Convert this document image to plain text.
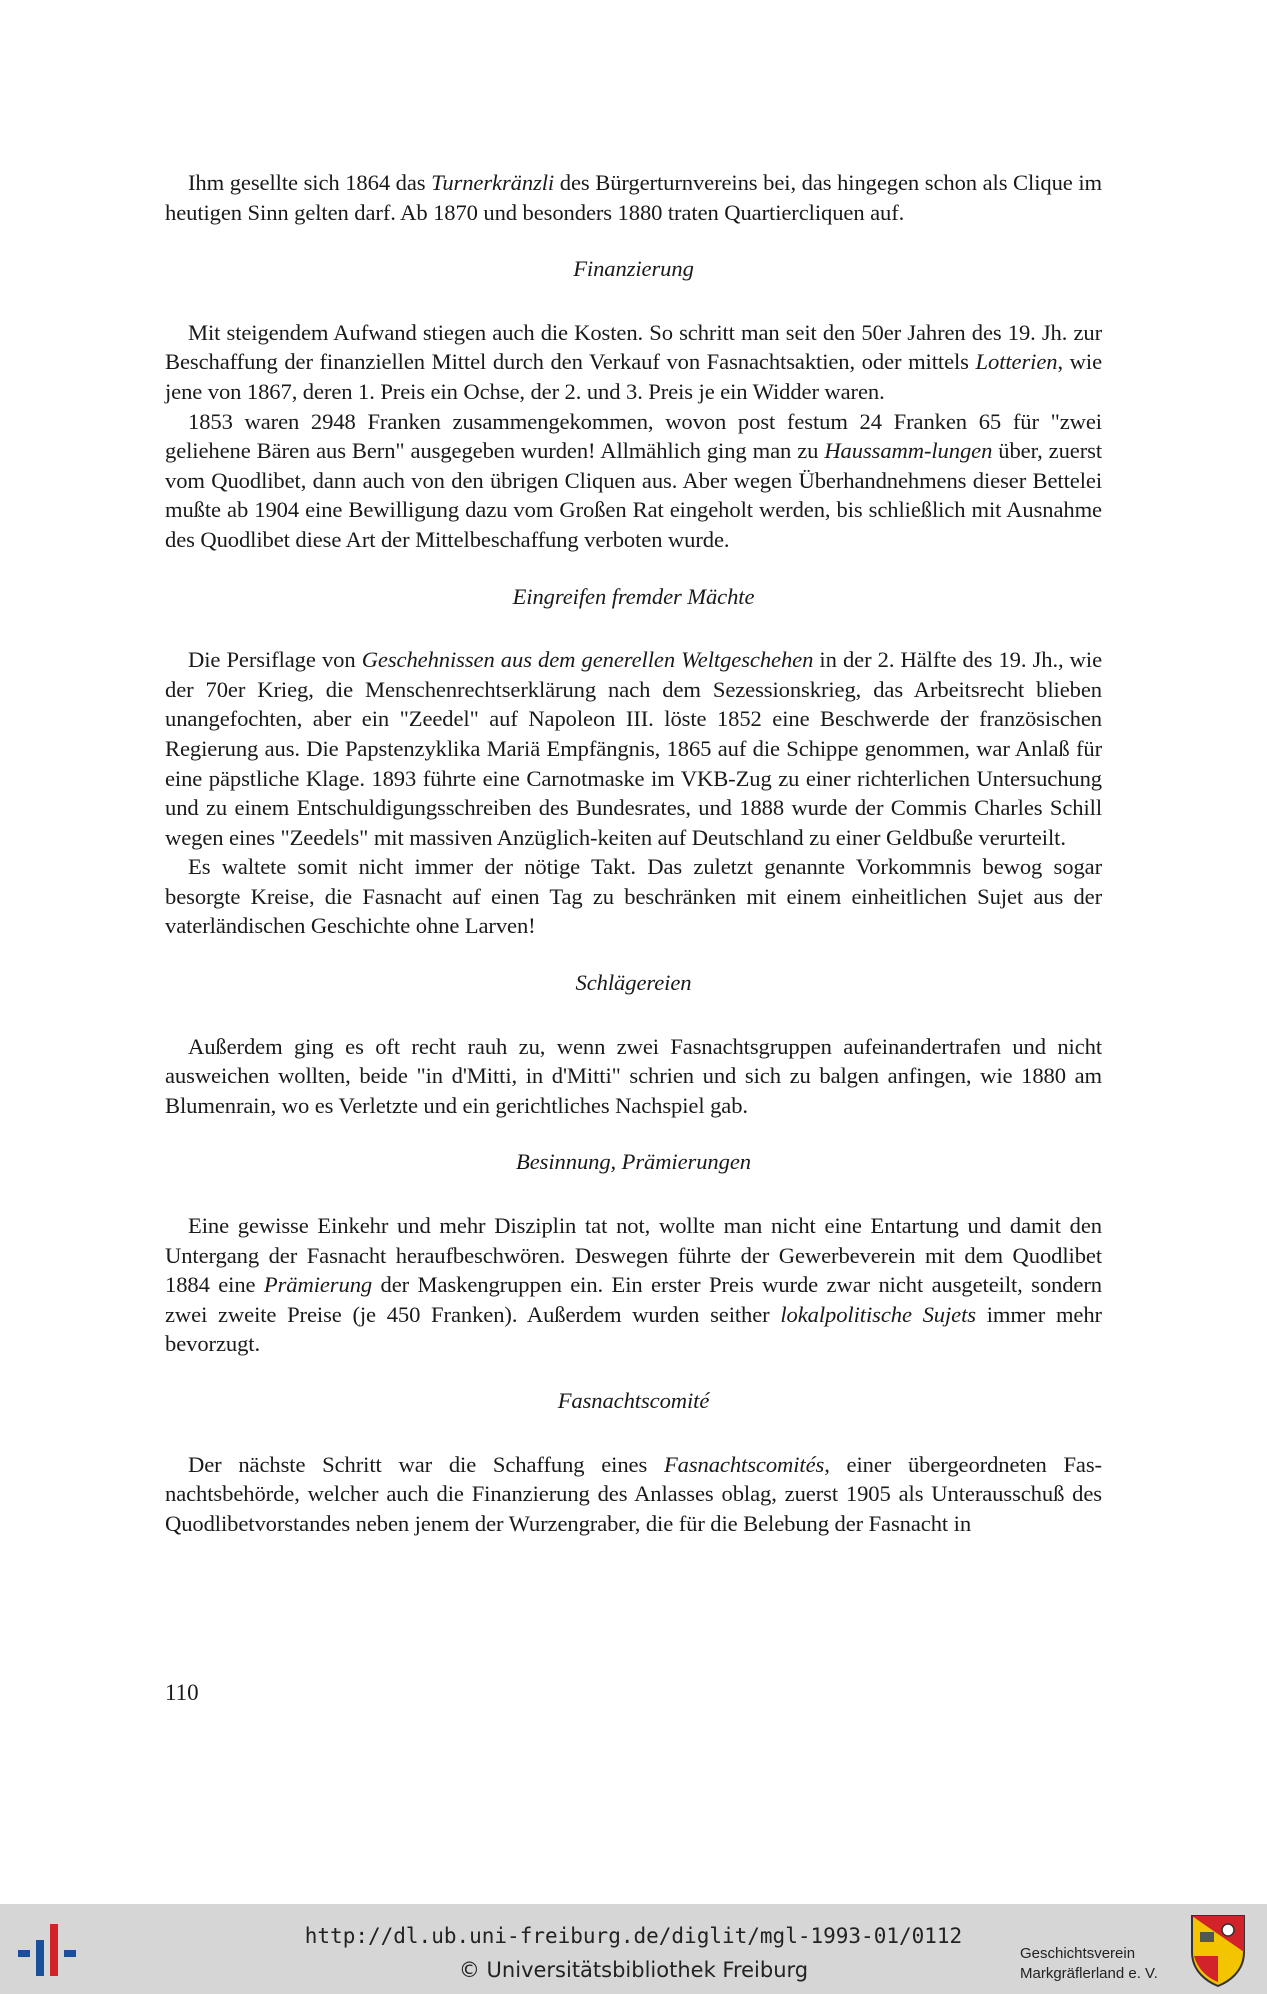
Ihm gesellte sich 1864 das Turnerkränzli des Bürgerturnvereins bei, das hingegen schon als Clique im heutigen Sinn gelten darf. Ab 1870 und besonders 1880 traten Quartiercliquen auf.

Finanzierung

Mit steigendem Aufwand stiegen auch die Kosten. So schritt man seit den 50er Jahren des 19. Jh. zur Beschaffung der finanziellen Mittel durch den Verkauf von Fasnachtsaktien, oder mittels Lotterien, wie jene von 1867, deren 1. Preis ein Ochse, der 2. und 3. Preis je ein Widder waren.

1853 waren 2948 Franken zusammengekommen, wovon post festum 24 Franken 65 für "zwei geliehene Bären aus Bern" ausgegeben wurden! Allmählich ging man zu Haussamm-lungen über, zuerst vom Quodlibet, dann auch von den übrigen Cliquen aus. Aber wegen Überhandnehmens dieser Bettelei mußte ab 1904 eine Bewilligung dazu vom Großen Rat eingeholt werden, bis schließlich mit Ausnahme des Quodlibet diese Art der Mittelbeschaffung verboten wurde.

Eingreifen fremder Mächte

Die Persiflage von Geschehnissen aus dem generellen Weltgeschehen in der 2. Hälfte des 19. Jh., wie der 70er Krieg, die Menschenrechtserklärung nach dem Sezessionskrieg, das Arbeitsrecht blieben unangefochten, aber ein "Zeedel" auf Napoleon III. löste 1852 eine Beschwerde der französischen Regierung aus. Die Papstenzyklika Mariä Empfängnis, 1865 auf die Schippe genommen, war Anlaß für eine päpstliche Klage. 1893 führte eine Carnotmaske im VKB-Zug zu einer richterlichen Untersuchung und zu einem Entschuldigungsschreiben des Bundesrates, und 1888 wurde der Commis Charles Schill wegen eines "Zeedels" mit massiven Anzüglich-keiten auf Deutschland zu einer Geldbuße verurteilt.

Es waltete somit nicht immer der nötige Takt. Das zuletzt genannte Vorkommnis bewog sogar besorgte Kreise, die Fasnacht auf einen Tag zu beschränken mit einem einheitlichen Sujet aus der vaterländischen Geschichte ohne Larven!

Schlägereien

Außerdem ging es oft recht rauh zu, wenn zwei Fasnachtsgruppen aufeinandertrafen und nicht ausweichen wollten, beide "in d'Mitti, in d'Mitti" schrien und sich zu balgen anfingen, wie 1880 am Blumenrain, wo es Verletzte und ein gerichtliches Nachspiel gab.

Besinnung, Prämierungen

Eine gewisse Einkehr und mehr Disziplin tat not, wollte man nicht eine Entartung und damit den Untergang der Fasnacht heraufbeschwören. Deswegen führte der Gewerbeverein mit dem Quodlibet 1884 eine Prämierung der Maskengruppen ein. Ein erster Preis wurde zwar nicht ausgeteilt, sondern zwei zweite Preise (je 450 Franken). Außerdem wurden seither lokalpolitische Sujets immer mehr bevorzugt.

Fasnachtscomité

Der nächste Schritt war die Schaffung eines Fasnachtscomités, einer übergeordneten Fas-nachtsbehörde, welcher auch die Finanzierung des Anlasses oblag, zuerst 1905 als Unterausschuß des Quodlibetvorstandes neben jenem der Wurzengraber, die für die Belebung der Fasnacht in

110
http://dl.ub.uni-freiburg.de/diglit/mgl-1993-01/0112
© Universitätsbibliothek Freiburg
Geschichtsverein
Markgräflerland e. V.
